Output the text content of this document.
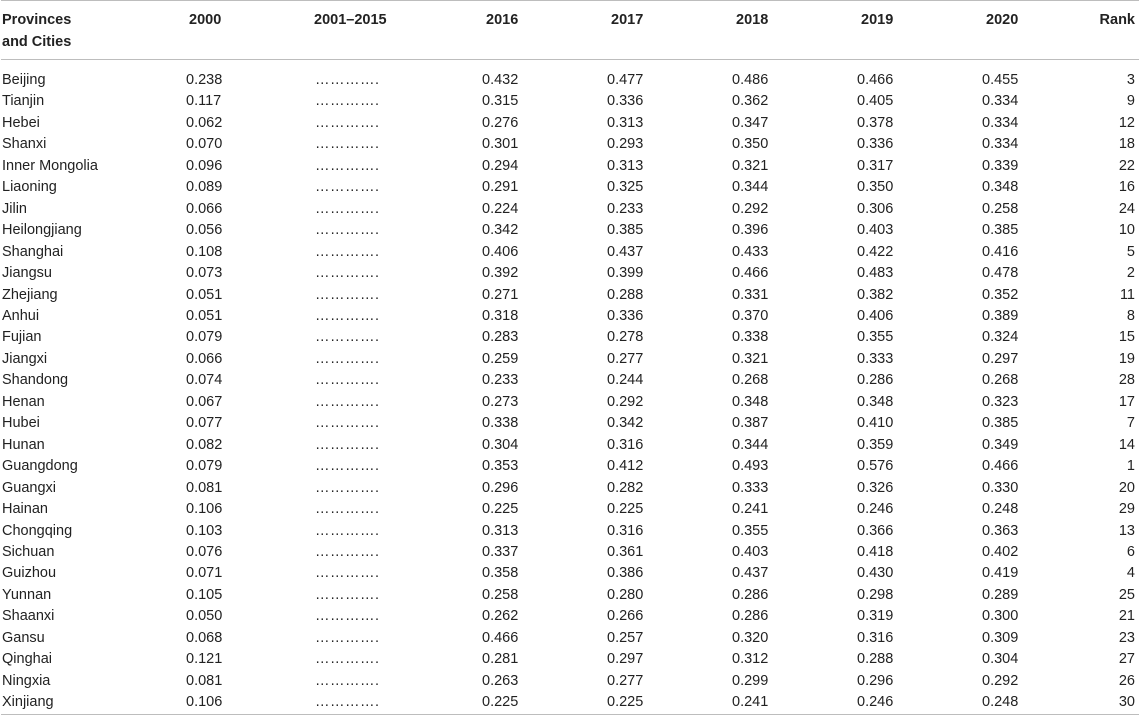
Provinces
and Cities	2000	2001–2015	2016	2017	2018	2019	2020	Rank
Beijing	0.238	………….	0.432	0.477	0.486	0.466	0.455	3
Tianjin	0.117	………….	0.315	0.336	0.362	0.405	0.334	9
Hebei	0.062	………….	0.276	0.313	0.347	0.378	0.334	12
Shanxi	0.070	………….	0.301	0.293	0.350	0.336	0.334	18
Inner Mongolia	0.096	………….	0.294	0.313	0.321	0.317	0.339	22
Liaoning	0.089	………….	0.291	0.325	0.344	0.350	0.348	16
Jilin	0.066	………….	0.224	0.233	0.292	0.306	0.258	24
Heilongjiang	0.056	………….	0.342	0.385	0.396	0.403	0.385	10
Shanghai	0.108	………….	0.406	0.437	0.433	0.422	0.416	5
Jiangsu	0.073	………….	0.392	0.399	0.466	0.483	0.478	2
Zhejiang	0.051	………….	0.271	0.288	0.331	0.382	0.352	11
Anhui	0.051	………….	0.318	0.336	0.370	0.406	0.389	8
Fujian	0.079	………….	0.283	0.278	0.338	0.355	0.324	15
Jiangxi	0.066	………….	0.259	0.277	0.321	0.333	0.297	19
Shandong	0.074	………….	0.233	0.244	0.268	0.286	0.268	28
Henan	0.067	………….	0.273	0.292	0.348	0.348	0.323	17
Hubei	0.077	………….	0.338	0.342	0.387	0.410	0.385	7
Hunan	0.082	………….	0.304	0.316	0.344	0.359	0.349	14
Guangdong	0.079	………….	0.353	0.412	0.493	0.576	0.466	1
Guangxi	0.081	………….	0.296	0.282	0.333	0.326	0.330	20
Hainan	0.106	………….	0.225	0.225	0.241	0.246	0.248	29
Chongqing	0.103	………….	0.313	0.316	0.355	0.366	0.363	13
Sichuan	0.076	………….	0.337	0.361	0.403	0.418	0.402	6
Guizhou	0.071	………….	0.358	0.386	0.437	0.430	0.419	4
Yunnan	0.105	………….	0.258	0.280	0.286	0.298	0.289	25
Shaanxi	0.050	………….	0.262	0.266	0.286	0.319	0.300	21
Gansu	0.068	………….	0.466	0.257	0.320	0.316	0.309	23
Qinghai	0.121	………….	0.281	0.297	0.312	0.288	0.304	27
Ningxia	0.081	………….	0.263	0.277	0.299	0.296	0.292	26
Xinjiang	0.106	………….	0.225	0.225	0.241	0.246	0.248	30
